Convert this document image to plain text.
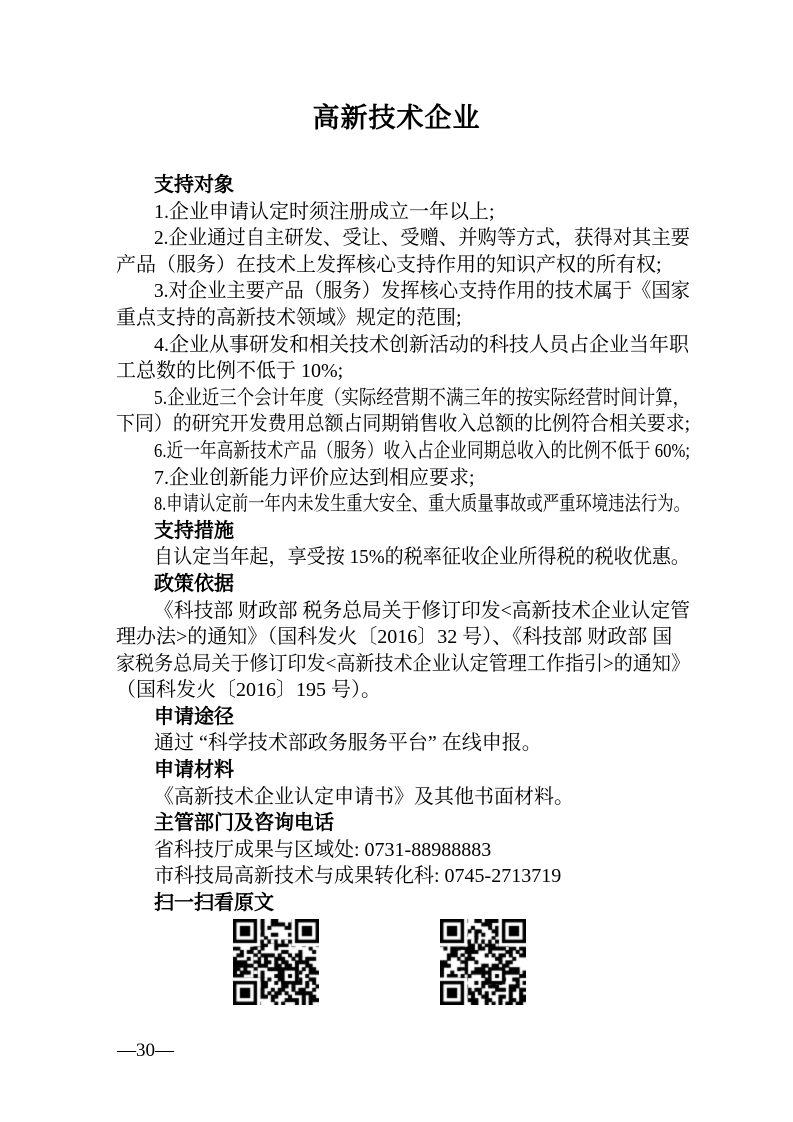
高新技术企业
支持对象
1.企业申请认定时须注册成立一年以上;
2.企业通过自主研发、受让、受赠、并购等方式，获得对其主要
产品（服务）在技术上发挥核心支持作用的知识产权的所有权;
3.对企业主要产品（服务）发挥核心支持作用的技术属于《国家
重点支持的高新技术领域》规定的范围;
4.企业从事研发和相关技术创新活动的科技人员占企业当年职
工总数的比例不低于 10%;
5.企业近三个会计年度（实际经营期不满三年的按实际经营时间计算，
下同）的研究开发费用总额占同期销售收入总额的比例符合相关要求;
6.近一年高新技术产品（服务）收入占企业同期总收入的比例不低于 60%;
7.企业创新能力评价应达到相应要求;
8.申请认定前一年内未发生重大安全、重大质量事故或严重环境违法行为。
支持措施
自认定当年起，享受按 15%的税率征收企业所得税的税收优惠。
政策依据
《科技部 财政部 税务总局关于修订印发<高新技术企业认定管
理办法>的通知》（国科发火〔2016〕32 号）、《科技部 财政部 国
家税务总局关于修订印发<高新技术企业认定管理工作指引>的通知》
（国科发火〔2016〕195 号）。
申请途径
通过 “科学技术部政务服务平台” 在线申报。
申请材料
《高新技术企业认定申请书》及其他书面材料。
主管部门及咨询电话
省科技厅成果与区域处: 0731-88988883
市科技局高新技术与成果转化科: 0745-2713719
扫一扫看原文
—30—
